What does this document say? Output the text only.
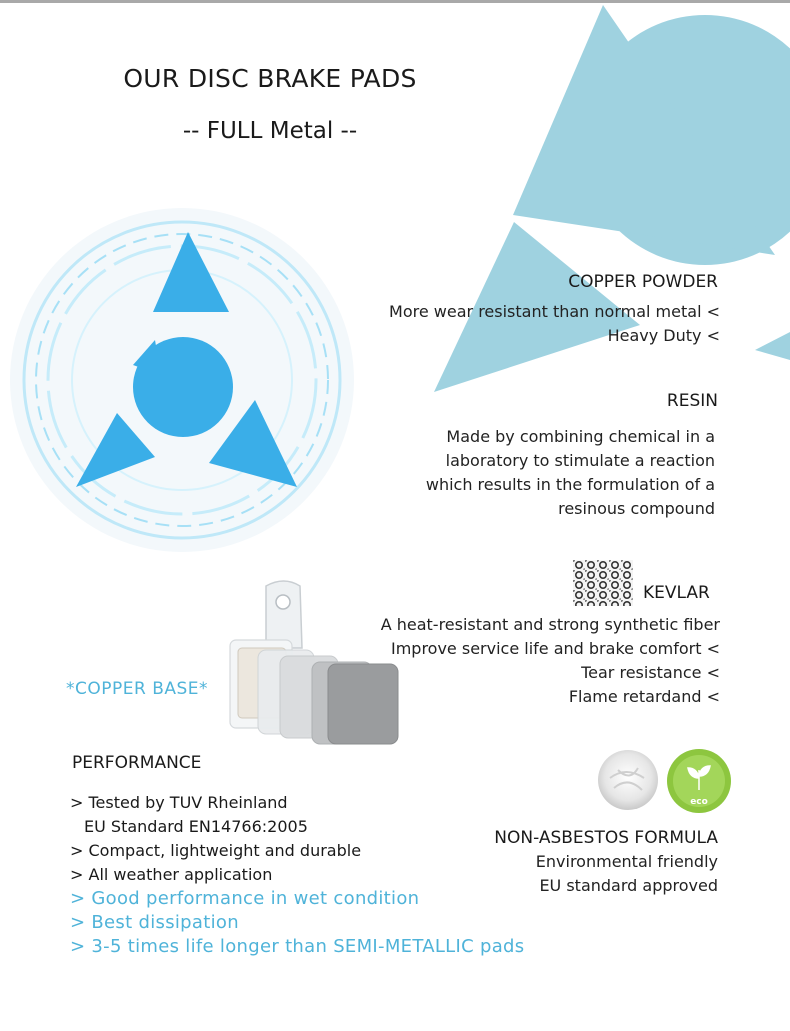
OUR DISC BRAKE PADS
-- FULL Metal --
COPPER POWDER
More wear resistant than normal metal <
Heavy Duty <
RESIN
Made by combining chemical in a
laboratory to stimulate a reaction
which results in the formulation of a
resinous compound
KEVLAR
A heat-resistant and strong synthetic fiber
Improve service life and brake comfort <
Tear resistance <
Flame retardand <
*COPPER BASE*
PERFORMANCE
> Tested by TUV Rheinland
EU Standard EN14766:2005
> Compact, lightweight and durable
> All weather application
> Good performance in wet condition
> Best dissipation
> 3-5 times life longer than SEMI-METALLIC pads
eco
NON-ASBESTOS FORMULA
Environmental friendly
EU standard approved
